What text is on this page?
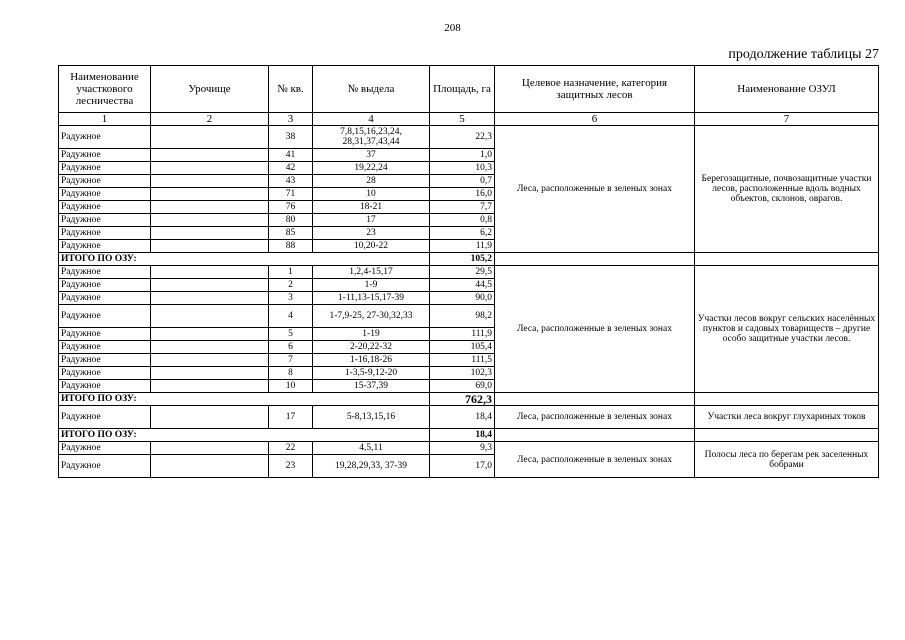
208
продолжение таблицы 27
Наименование участкового лесничества	Урочище	№ кв.	№ выдела	Площадь, га	Целевое назначение, категория защитных лесов	Наименование ОЗУЛ
1	2	3	4	5	6	7
Радужное		38	7,8,15,16,23,24, 28,31,37,43,44	22,3	Леса, расположенные в зеленых зонах	Берегозащитные, почвозащитные участки лесов, расположенные вдоль водных объектов, склонов, оврагов.
Радужное		41	37	1,0		
Радужное		42	19,22,24	10,3		
Радужное		43	28	0,7		
Радужное		71	10	16,0		
Радужное		76	18-21	7,7		
Радужное		80	17	0,8		
Радужное		85	23	6,2		
Радужное		88	10,20-22	11,9		
ИТОГО ПО ОЗУ:				105,2		
Радужное		1	1,2,4-15,17	29,5	Леса, расположенные в зеленых зонах	Участки лесов вокруг сельских населённых пунктов и садовых товариществ – другие особо защитные участки лесов.
Радужное		2	1-9	44,5		
Радужное		3	1-11,13-15,17-39	90,0		
Радужное		4	1-7,9-25, 27-30,32,33	98,2		
Радужное		5	1-19	111,9		
Радужное		6	2-20,22-32	105,4		
Радужное		7	1-16,18-26	111,5		
Радужное		8	1-3,5-9,12-20	102,3		
Радужное		10	15-37,39	69,0		
ИТОГО ПО ОЗУ:				762,3		
Радужное		17	5-8,13,15,16	18,4	Леса, расположенные в зеленых зонах	Участки леса вокруг глухариных токов
ИТОГО ПО ОЗУ:				18,4		
Радужное		22	4,5,11	9,3	Леса, расположенные в зеленых зонах	Полосы леса по берегам рек заселенных бобрами
Радужное		23	19,28,29,33, 37-39	17,0		
